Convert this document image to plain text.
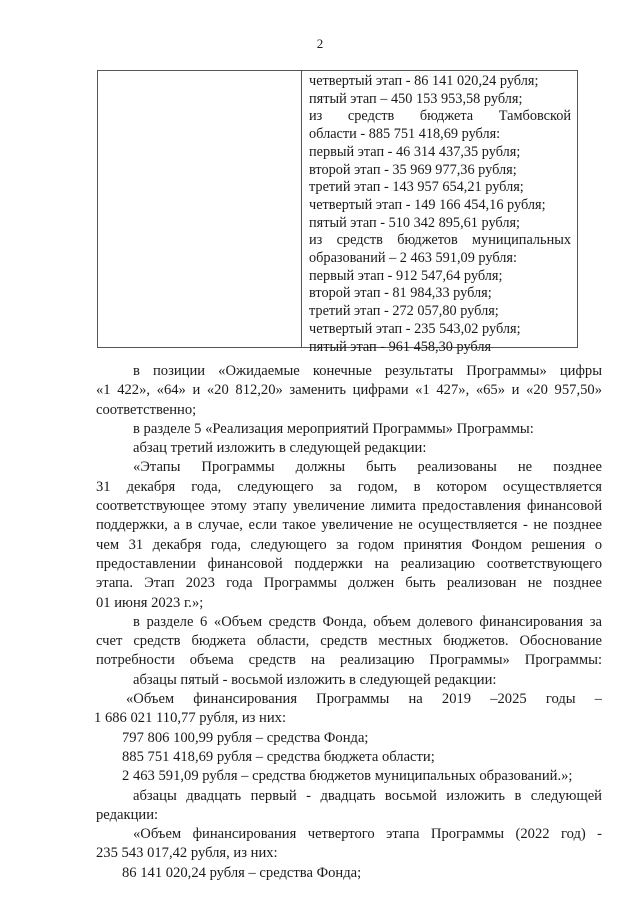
2
четвертый этап - 86 141 020,24 рубля;
пятый этап – 450 153 953,58 рубля;
из средств бюджета Тамбовской
области - 885 751 418,69 рубля:
первый этап - 46 314 437,35 рубля;
второй этап - 35 969 977,36 рубля;
третий этап - 143 957 654,21 рубля;
четвертый этап - 149 166 454,16 рубля;
пятый этап - 510 342 895,61 рубля;
из средств бюджетов муниципальных
образований – 2 463 591,09 рубля:
первый этап - 912 547,64 рубля;
второй этап - 81 984,33 рубля;
третий этап - 272 057,80 рубля;
четвертый этап - 235 543,02 рубля;
пятый этап - 961 458,30 рубля
в позиции «Ожидаемые конечные результаты Программы» цифры
«1 422», «64» и «20 812,20» заменить цифрами «1 427», «65» и «20 957,50»
соответственно;
в разделе 5 «Реализация мероприятий Программы» Программы:
абзац третий изложить в следующей редакции:
«Этапы Программы должны быть реализованы не позднее
31 декабря года, следующего за годом, в котором осуществляется
соответствующее этому этапу увеличение лимита предоставления финансовой
поддержки, а в случае, если такое увеличение не осуществляется - не позднее
чем 31 декабря года, следующего за годом принятия Фондом решения о
предоставлении финансовой поддержки на реализацию соответствующего
этапа. Этап 2023 года Программы должен быть реализован не позднее
01 июня 2023 г.»;
в разделе 6 «Объем средств Фонда, объем долевого финансирования за
счет средств бюджета области, средств местных бюджетов. Обоснование
потребности объема средств на реализацию Программы» Программы:
абзацы пятый - восьмой изложить в следующей редакции:
«Объем финансирования Программы на 2019 –2025 годы –
1 686 021 110,77 рубля, из них:
797 806 100,99 рубля – средства Фонда;
885 751 418,69 рубля – средства бюджета области;
2 463 591,09 рубля – средства бюджетов муниципальных образований.»;
абзацы двадцать первый - двадцать восьмой изложить в следующей
редакции:
«Объем финансирования четвертого этапа Программы (2022 год) -
235 543 017,42 рубля, из них:
86 141 020,24 рубля – средства Фонда;
